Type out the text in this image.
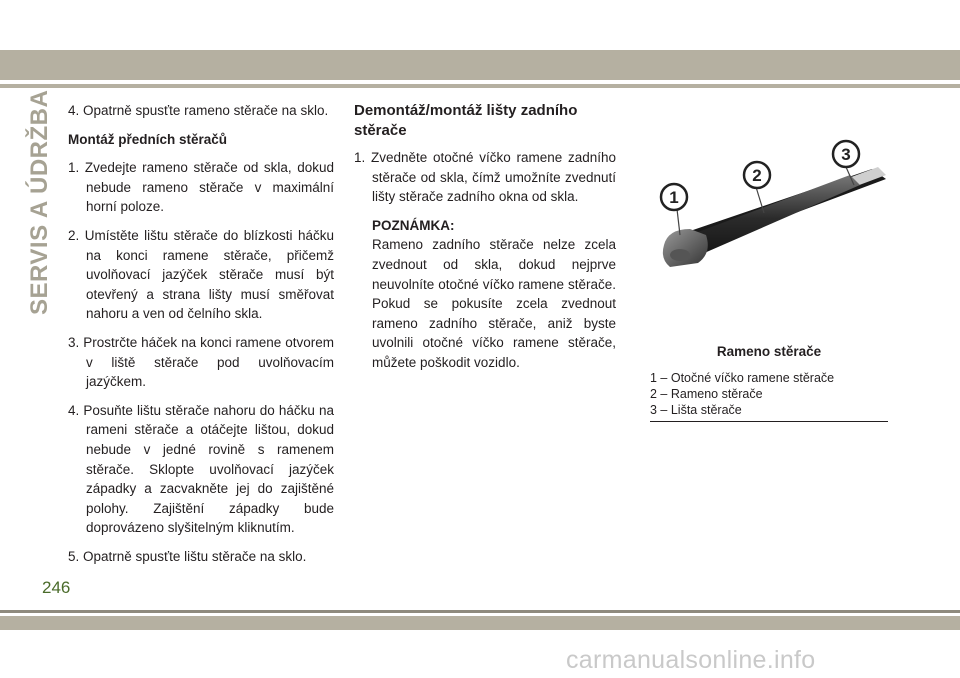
SERVIS A ÚDRŽBA 4. Opatrně spusťte rameno stěrače na sklo.

Montáž předních stěračů

1. Zvedejte rameno stěrače od skla, dokud nebude rameno stěrače v maximální horní poloze.

2. Umístěte lištu stěrače do blízkosti háčku na konci ramene stěrače, přičemž uvolňovací jazýček stěrače musí být otevřený a strana lišty musí směřovat nahoru a ven od čelního skla.

3. Prostrčte háček na konci ramene otvorem v liště stěrače pod uvolňovacím jazýčkem.

4. Posuňte lištu stěrače nahoru do háčku na rameni stěrače a otáčejte lištou, dokud nebude v jedné rovině s ramenem stěrače. Sklopte uvolňovací jazýček západky a zacvakněte jej do zajištěné polohy. Zajištění západky bude doprovázeno slyšitelným kliknutím.

5. Opatrně spusťte lištu stěrače na sklo.

Demontáž/montáž lišty zadního stěrače

1. Zvedněte otočné víčko ramene zadního stěrače od skla, čímž umožníte zvednutí lišty stěrače zadního okna od skla.

POZNÁMKA:

Rameno zadního stěrače nelze zcela zvednout od skla, dokud nejprve neuvolníte otočné víčko ramene stěrače. Pokud se pokusíte zcela zvednout rameno zadního stěrače, aniž byste uvolnili otočné víčko ramene stěrače, můžete poškodit vozidlo.

1
2
3
Rameno stěrače
1 – Otočné víčko ramene stěrače
2 – Rameno stěrače
3 – Lišta stěrače
246
carmanualsonline.info
